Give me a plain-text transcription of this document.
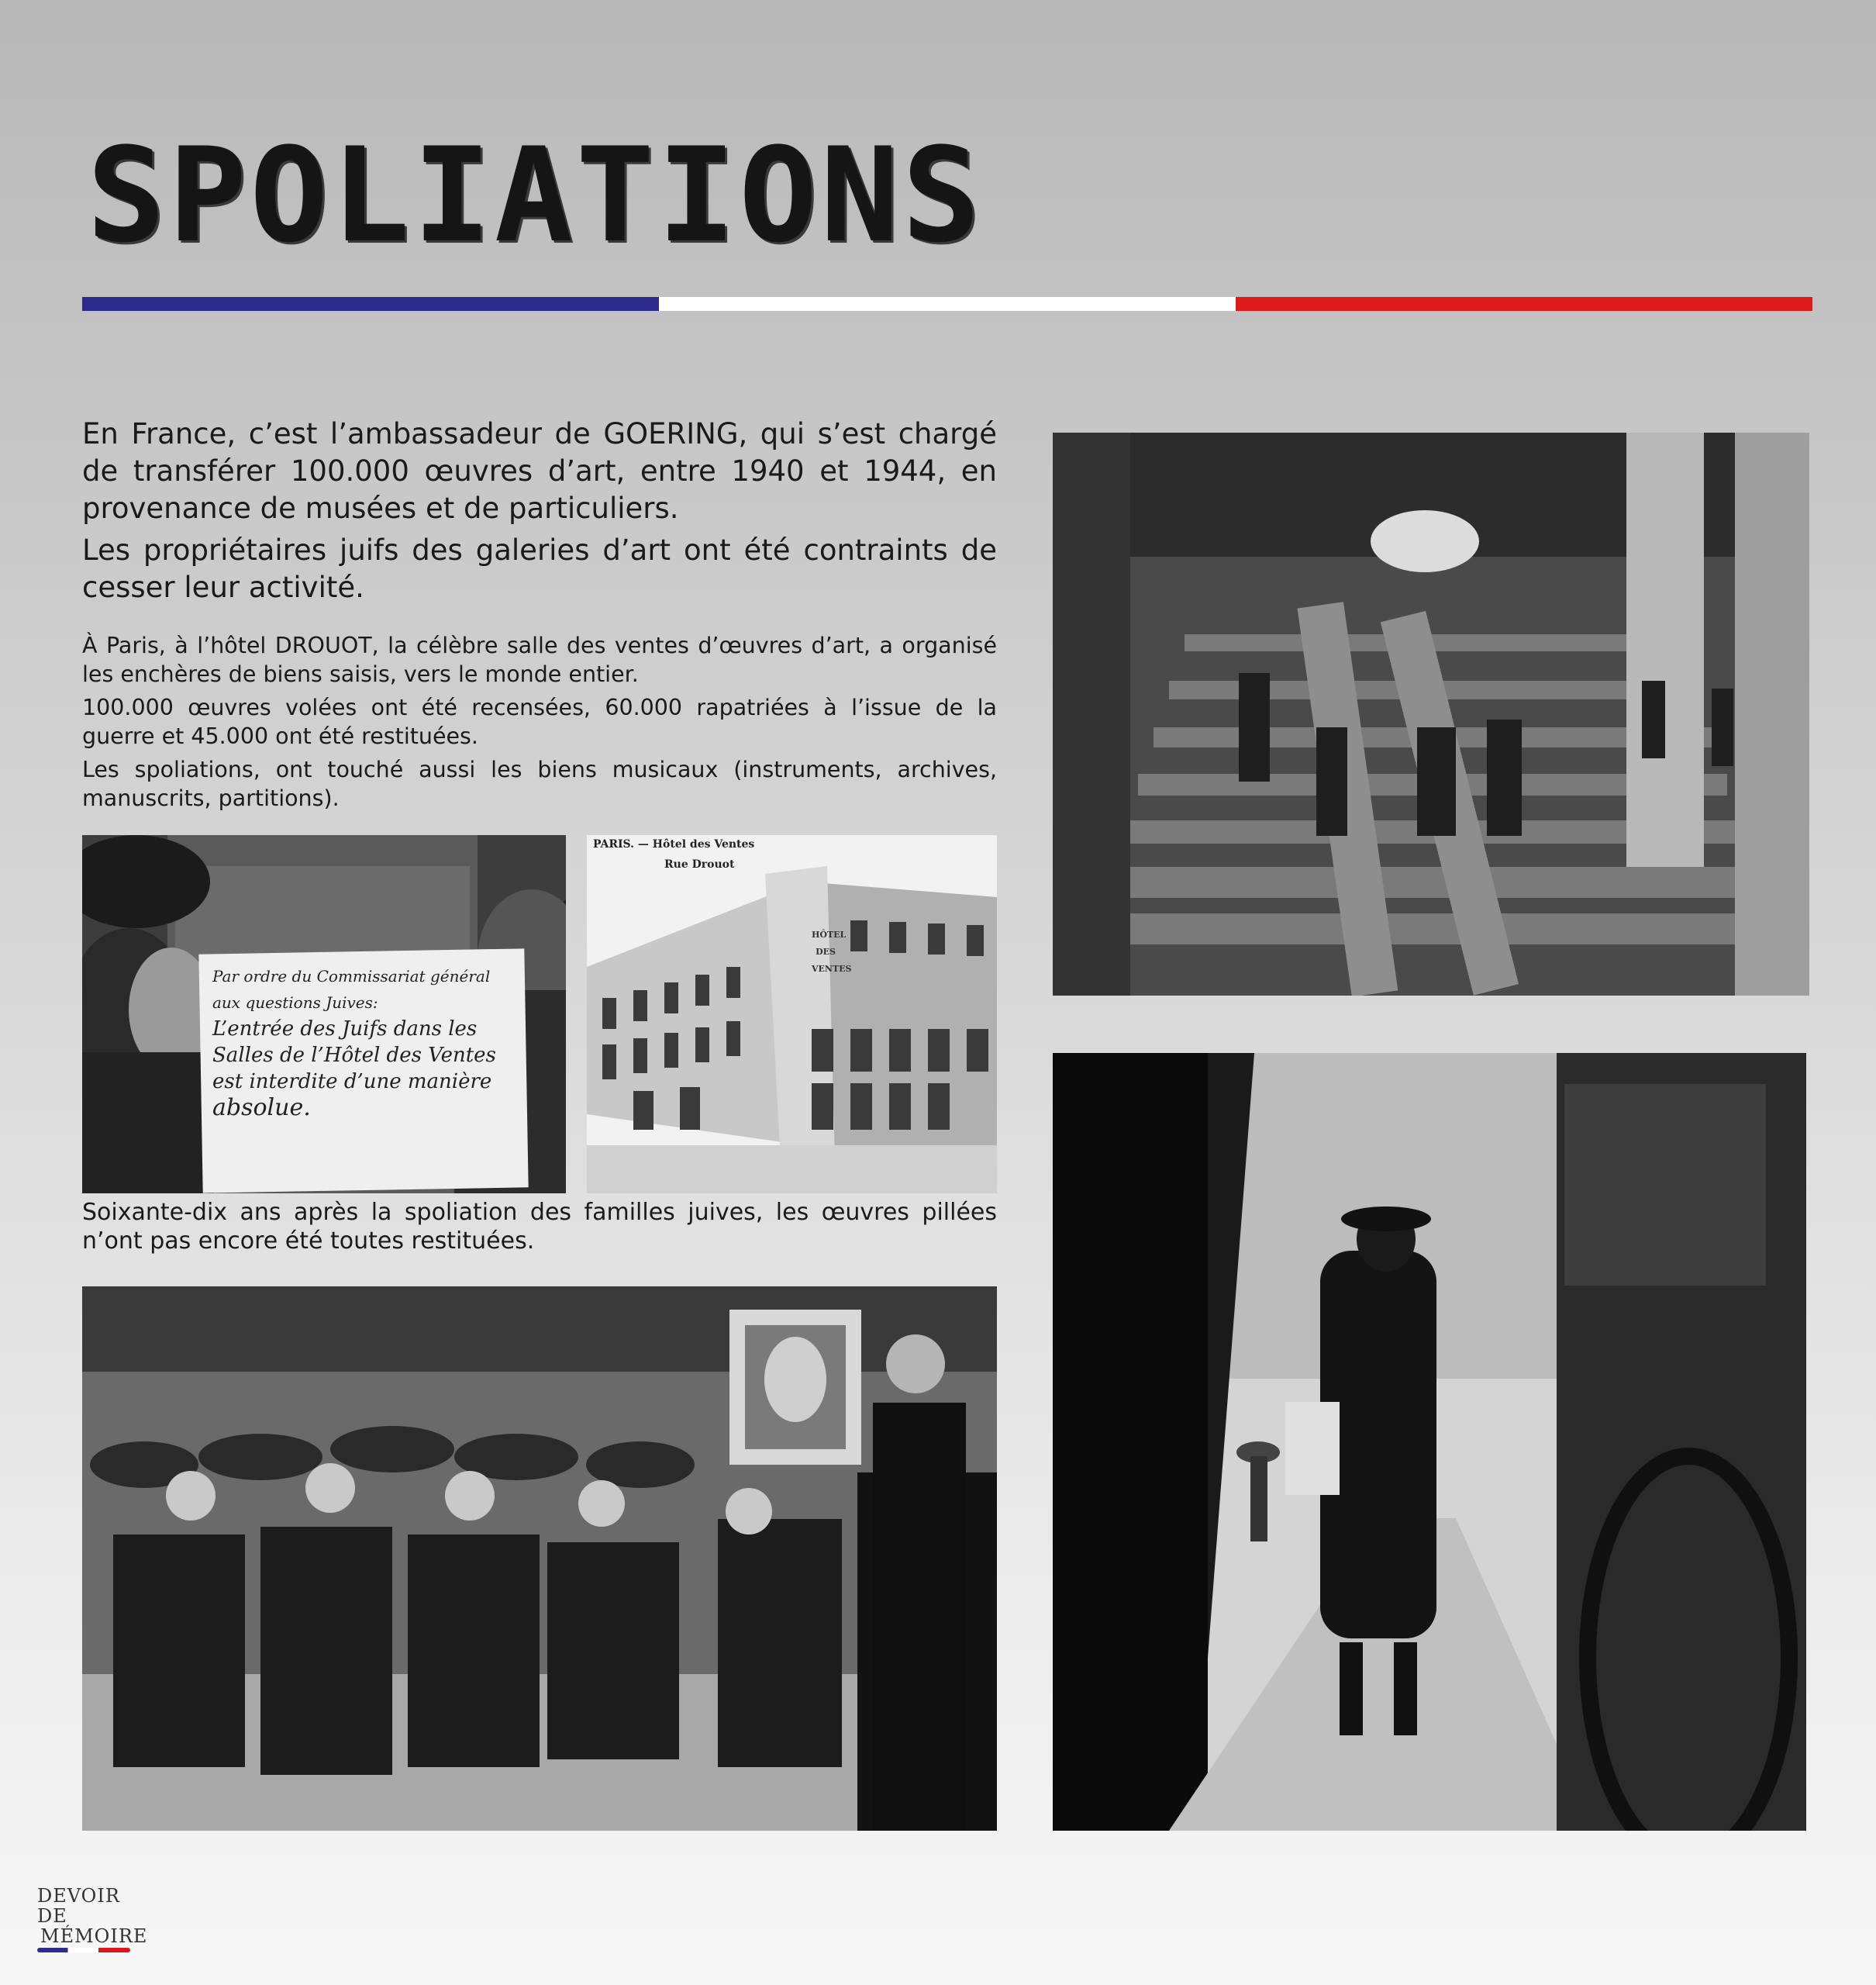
SPOLIATIONS

En France, c’est l’ambassadeur de GOERING, qui s’est chargé de transférer 100.000 œuvres d’art, entre 1940 et 1944, en provenance de musées et de particuliers.

Les propriétaires juifs des galeries d’art ont été contraints de cesser leur activité.

À Paris, à l’hôtel DROUOT, la célèbre salle des ventes d’œuvres d’art, a organisé les enchères de biens saisis, vers le monde entier.

100.000 œuvres volées ont été recensées, 60.000 rapatriées à l’issue de la guerre et 45.000 ont été restituées.

Les spoliations, ont touché aussi les biens musicaux (instruments, archives, manuscrits, partitions).

Par ordre du Commissariat général
aux questions Juives:
L’entrée des Juifs dans les
Salles de l’Hôtel des Ventes
est interdite d’une manière
absolue.
PARIS. — Hôtel des Ventes
Rue Drouot
HÔTEL
DES
VENTES
Soixante-dix ans après la spoliation des familles juives, les œuvres pillées n’ont pas encore été toutes restituées.
DEVOIR DE
MÉMOIRE
